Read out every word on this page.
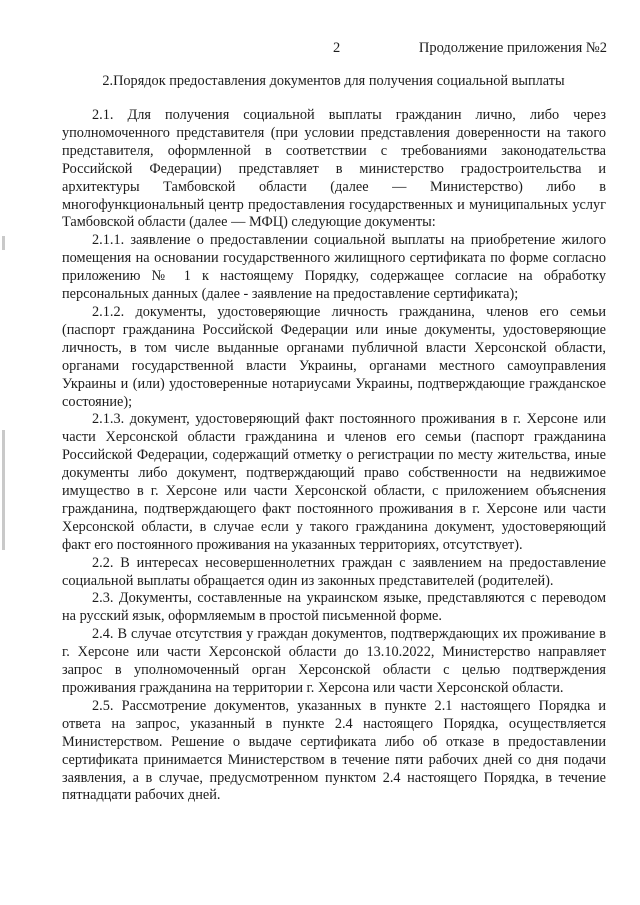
2	Продолжение приложения №2
2.Порядок предоставления документов для получения социальной выплаты

2.1. Для получения социальной выплаты гражданин лично, либо через уполномоченного представителя (при условии представления доверенности на такого представителя, оформленной в соответствии с требованиями законодательства Российской Федерации) представляет в министерство градостроительства и архитектуры Тамбовской области (далее — Министерство) либо в многофункциональный центр предоставления государственных и муниципальных услуг Тамбовской области (далее — МФЦ) следующие документы:

2.1.1. заявление о предоставлении социальной выплаты на приобретение жилого помещения на основании государственного жилищного сертификата по форме согласно приложению № 1 к настоящему Порядку, содержащее согласие на обработку персональных данных (далее - заявление на предоставление сертификата);

2.1.2. документы, удостоверяющие личность гражданина, членов его семьи (паспорт гражданина Российской Федерации или иные документы, удостоверяющие личность, в том числе выданные органами публичной власти Херсонской области, органами государственной власти Украины, органами местного самоуправления Украины и (или) удостоверенные нотариусами Украины, подтверждающие гражданское состояние);

2.1.3. документ, удостоверяющий факт постоянного проживания в г. Херсоне или части Херсонской области гражданина и членов его семьи (паспорт гражданина Российской Федерации, содержащий отметку о регистрации по месту жительства, иные документы либо документ, подтверждающий право собственности на недвижимое имущество в г. Херсоне или части Херсонской области, с приложением объяснения гражданина, подтверждающего факт постоянного проживания в г. Херсоне или части Херсонской области, в случае если у такого гражданина документ, удостоверяющий факт его постоянного проживания на указанных территориях, отсутствует).

2.2. В интересах несовершеннолетних граждан с заявлением на предоставление социальной выплаты обращается один из законных представителей (родителей).

2.3. Документы, составленные на украинском языке, представляются с переводом на русский язык, оформляемым в простой письменной форме.

2.4. В случае отсутствия у граждан документов, подтверждающих их проживание в г. Херсоне или части Херсонской области до 13.10.2022, Министерство направляет запрос в уполномоченный орган Херсонской области с целью подтверждения проживания гражданина на территории г. Херсона или части Херсонской области.

2.5. Рассмотрение документов, указанных в пункте 2.1 настоящего Порядка и ответа на запрос, указанный в пункте 2.4 настоящего Порядка, осуществляется Министерством. Решение о выдаче сертификата либо об отказе в предоставлении сертификата принимается Министерством в течение пяти рабочих дней со дня подачи заявления, а в случае, предусмотренном пунктом 2.4 настоящего Порядка, в течение пятнадцати рабочих дней.
